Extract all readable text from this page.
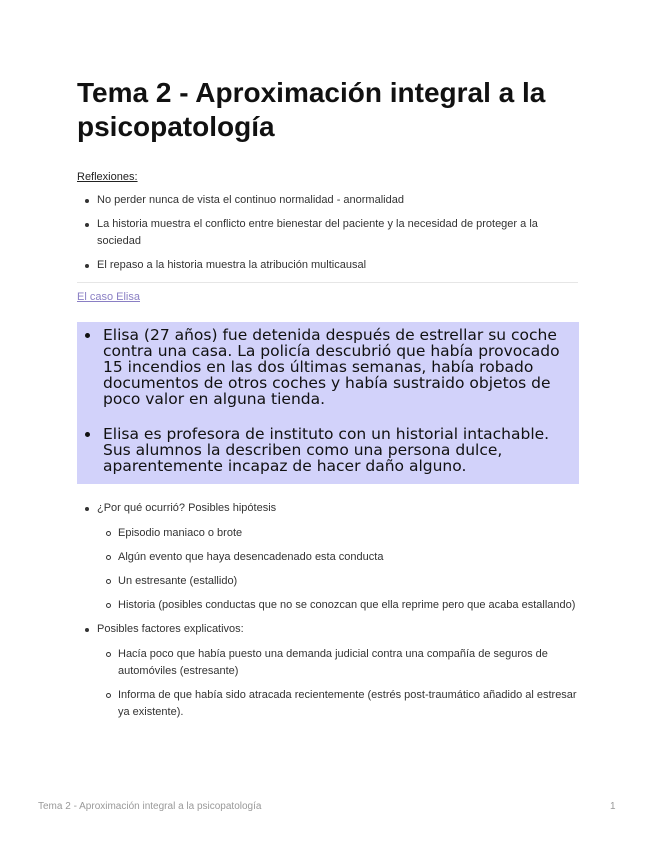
Tema 2 - Aproximación integral a la psicopatología
Reflexiones:
No perder nunca de vista el continuo normalidad - anormalidad
La historia muestra el conflicto entre bienestar del paciente y la necesidad de proteger a la sociedad
El repaso a la historia muestra la atribución multicausal
El caso Elisa
Elisa (27 años) fue detenida después de estrellar su coche contra una casa. La policía descubrió que había provocado 15 incendios en las dos últimas semanas, había robado documentos de otros coches y había sustraido objetos de poco valor en alguna tienda.
Elisa es profesora de instituto con un historial intachable. Sus alumnos la describen como una persona dulce, aparentemente incapaz de hacer daño alguno.
¿Por qué ocurrió? Posibles hipótesis
Episodio maniaco o brote
Algún evento que haya desencadenado esta conducta
Un estresante (estallido)
Historia (posibles conductas que no se conozcan que ella reprime pero que acaba estallando)
Posibles factores explicativos:
Hacía poco que había puesto una demanda judicial contra una compañía de seguros de automóviles (estresante)
Informa de que había sido atracada recientemente (estrés post-traumático añadido al estresar ya existente).
Tema 2 - Aproximación integral a la psicopatología	1
